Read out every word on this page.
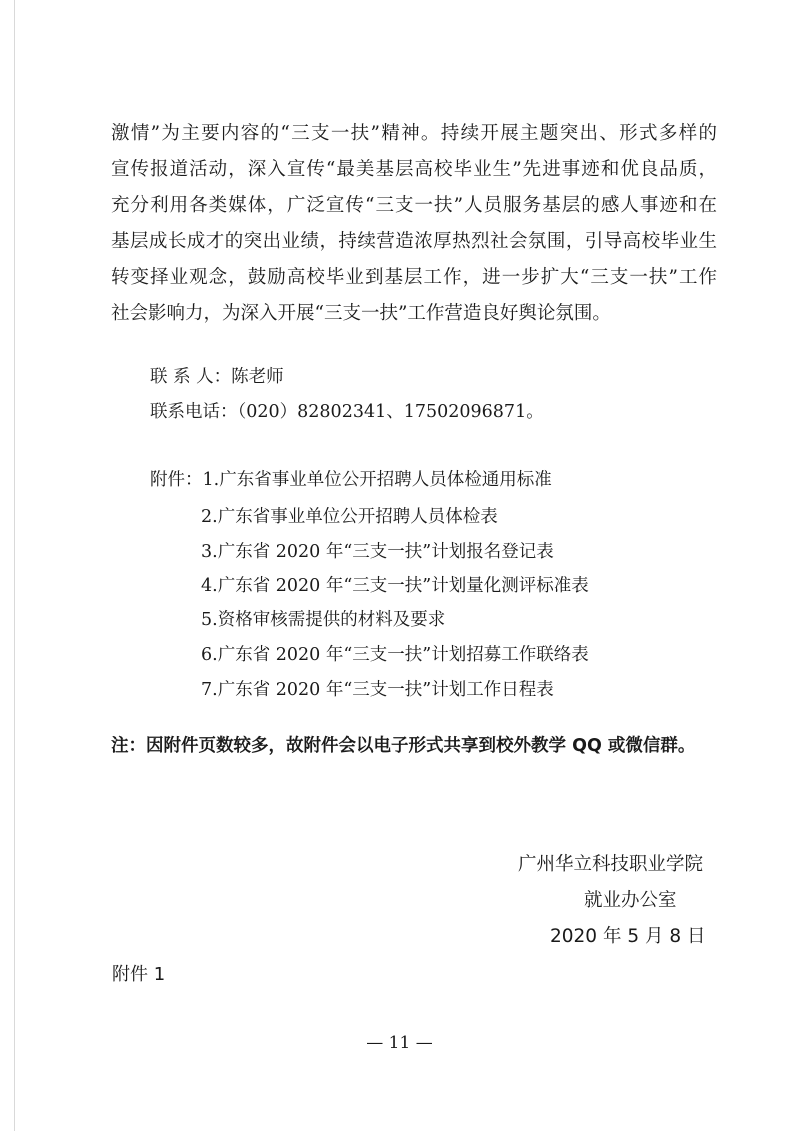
激情”为主要内容的“三支一扶”精神。持续开展主题突出、形式多样的
宣传报道活动，深入宣传“最美基层高校毕业生”先进事迹和优良品质，
充分利用各类媒体，广泛宣传“三支一扶”人员服务基层的感人事迹和在
基层成长成才的突出业绩，持续营造浓厚热烈社会氛围，引导高校毕业生
转变择业观念，鼓励高校毕业到基层工作，进一步扩大“三支一扶”工作
社会影响力，为深入开展“三支一扶”工作营造良好舆论氛围。
联 系 人：陈老师
联系电话：（020）82802341、17502096871。
附件：1.广东省事业单位公开招聘人员体检通用标准
2.广东省事业单位公开招聘人员体检表
3.广东省 2020 年“三支一扶”计划报名登记表
4.广东省 2020 年“三支一扶”计划量化测评标准表
5.资格审核需提供的材料及要求
6.广东省 2020 年“三支一扶”计划招募工作联络表
7.广东省 2020 年“三支一扶”计划工作日程表
注：因附件页数较多，故附件会以电子形式共享到校外教学 QQ 或微信群。
广州华立科技职业学院
就业办公室
2020 年 5 月 8 日
附件 1
— 11 —
